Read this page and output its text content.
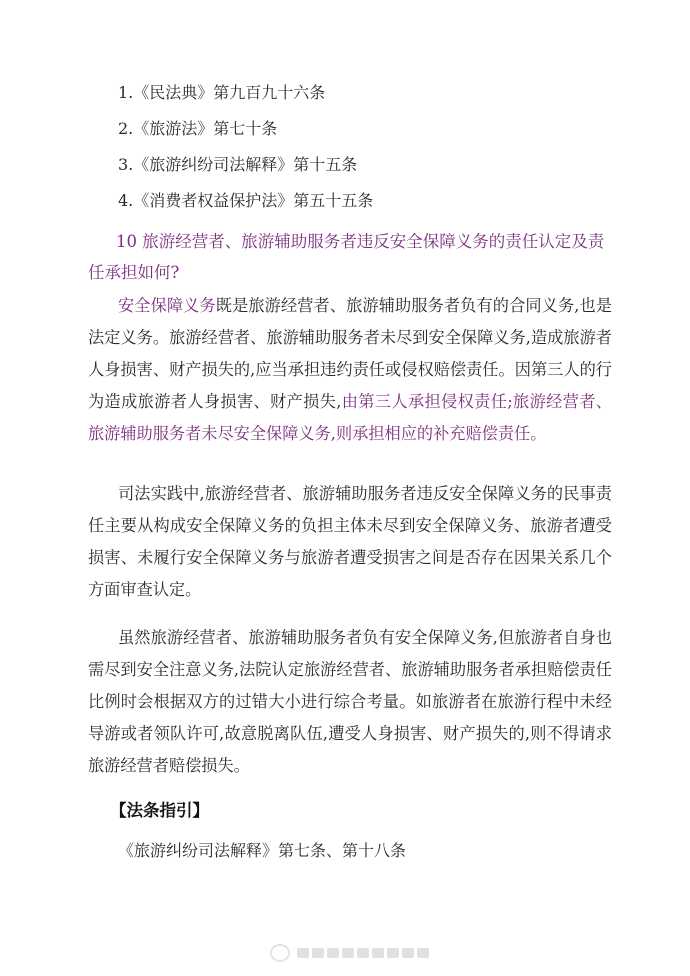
1.《民法典》第九百九十六条
2.《旅游法》第七十条
3.《旅游纠纷司法解释》第十五条
4.《消费者权益保护法》第五十五条
10 旅游经营者、旅游辅助服务者违反安全保障义务的责任认定及责任承担如何?
安全保障义务既是旅游经营者、旅游辅助服务者负有的合同义务,也是法定义务。旅游经营者、旅游辅助服务者未尽到安全保障义务,造成旅游者人身损害、财产损失的,应当承担违约责任或侵权赔偿责任。因第三人的行为造成旅游者人身损害、财产损失,由第三人承担侵权责任;旅游经营者、旅游辅助服务者未尽安全保障义务,则承担相应的补充赔偿责任。
司法实践中,旅游经营者、旅游辅助服务者违反安全保障义务的民事责任主要从构成安全保障义务的负担主体未尽到安全保障义务、旅游者遭受损害、未履行安全保障义务与旅游者遭受损害之间是否存在因果关系几个方面审查认定。
虽然旅游经营者、旅游辅助服务者负有安全保障义务,但旅游者自身也需尽到安全注意义务,法院认定旅游经营者、旅游辅助服务者承担赔偿责任比例时会根据双方的过错大小进行综合考量。如旅游者在旅游行程中未经导游或者领队许可,故意脱离队伍,遭受人身损害、财产损失的,则不得请求旅游经营者赔偿损失。
【法条指引】
《旅游纠纷司法解释》第七条、第十八条
